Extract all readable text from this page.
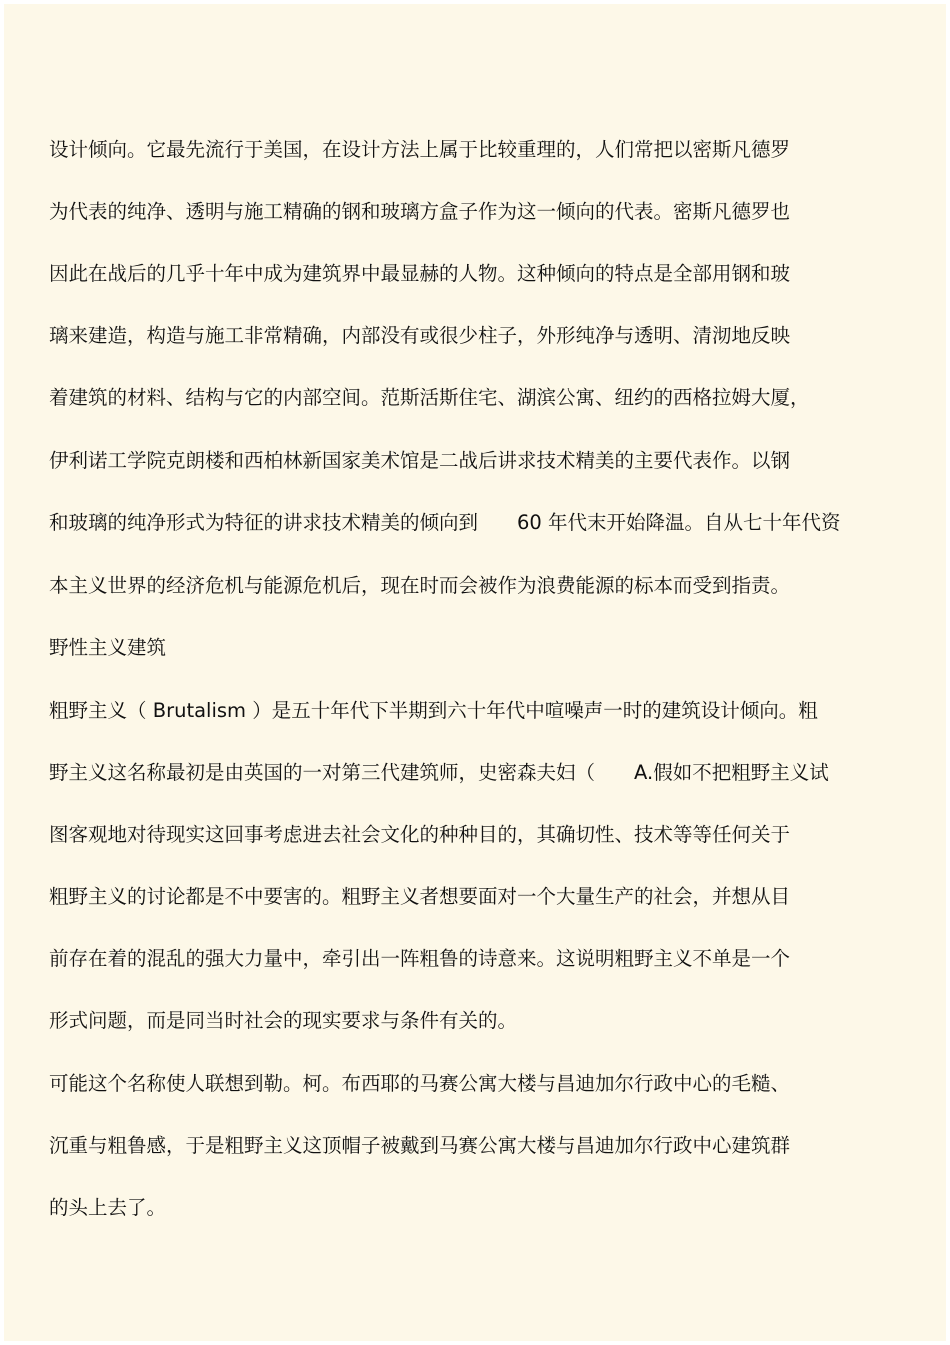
设计倾向。它最先流行于美国，在设计方法上属于比较重理的，人们常把以密斯凡德罗

为代表的纯净、透明与施工精确的钢和玻璃方盒子作为这一倾向的代表。密斯凡德罗也

因此在战后的几乎十年中成为建筑界中最显赫的人物。这种倾向的特点是全部用钢和玻

璃来建造，构造与施工非常精确，内部没有或很少柱子，外形纯净与透明、清沏地反映

着建筑的材料、结构与它的内部空间。范斯活斯住宅、湖滨公寓、纽约的西格拉姆大厦，

伊利诺工学院克朗楼和西柏林新国家美术馆是二战后讲求技术精美的主要代表作。以钢

和玻璃的纯净形式为特征的讲求技术精美的倾向到　　60 年代末开始降温。自从七十年代资

本主义世界的经济危机与能源危机后，现在时而会被作为浪费能源的标本而受到指责。

野性主义建筑

粗野主义（ Brutalism ）是五十年代下半期到六十年代中喧噪声一时的建筑设计倾向。粗

野主义这名称最初是由英国的一对第三代建筑师，史密森夫妇（　　A.假如不把粗野主义试

图客观地对待现实这回事考虑进去社会文化的种种目的，其确切性、技术等等任何关于

粗野主义的讨论都是不中要害的。粗野主义者想要面对一个大量生产的社会，并想从目

前存在着的混乱的强大力量中，牵引出一阵粗鲁的诗意来。这说明粗野主义不单是一个

形式问题，而是同当时社会的现实要求与条件有关的。

可能这个名称使人联想到勒。柯。布西耶的马赛公寓大楼与昌迪加尔行政中心的毛糙、

沉重与粗鲁感，于是粗野主义这顶帽子被戴到马赛公寓大楼与昌迪加尔行政中心建筑群

的头上去了。
